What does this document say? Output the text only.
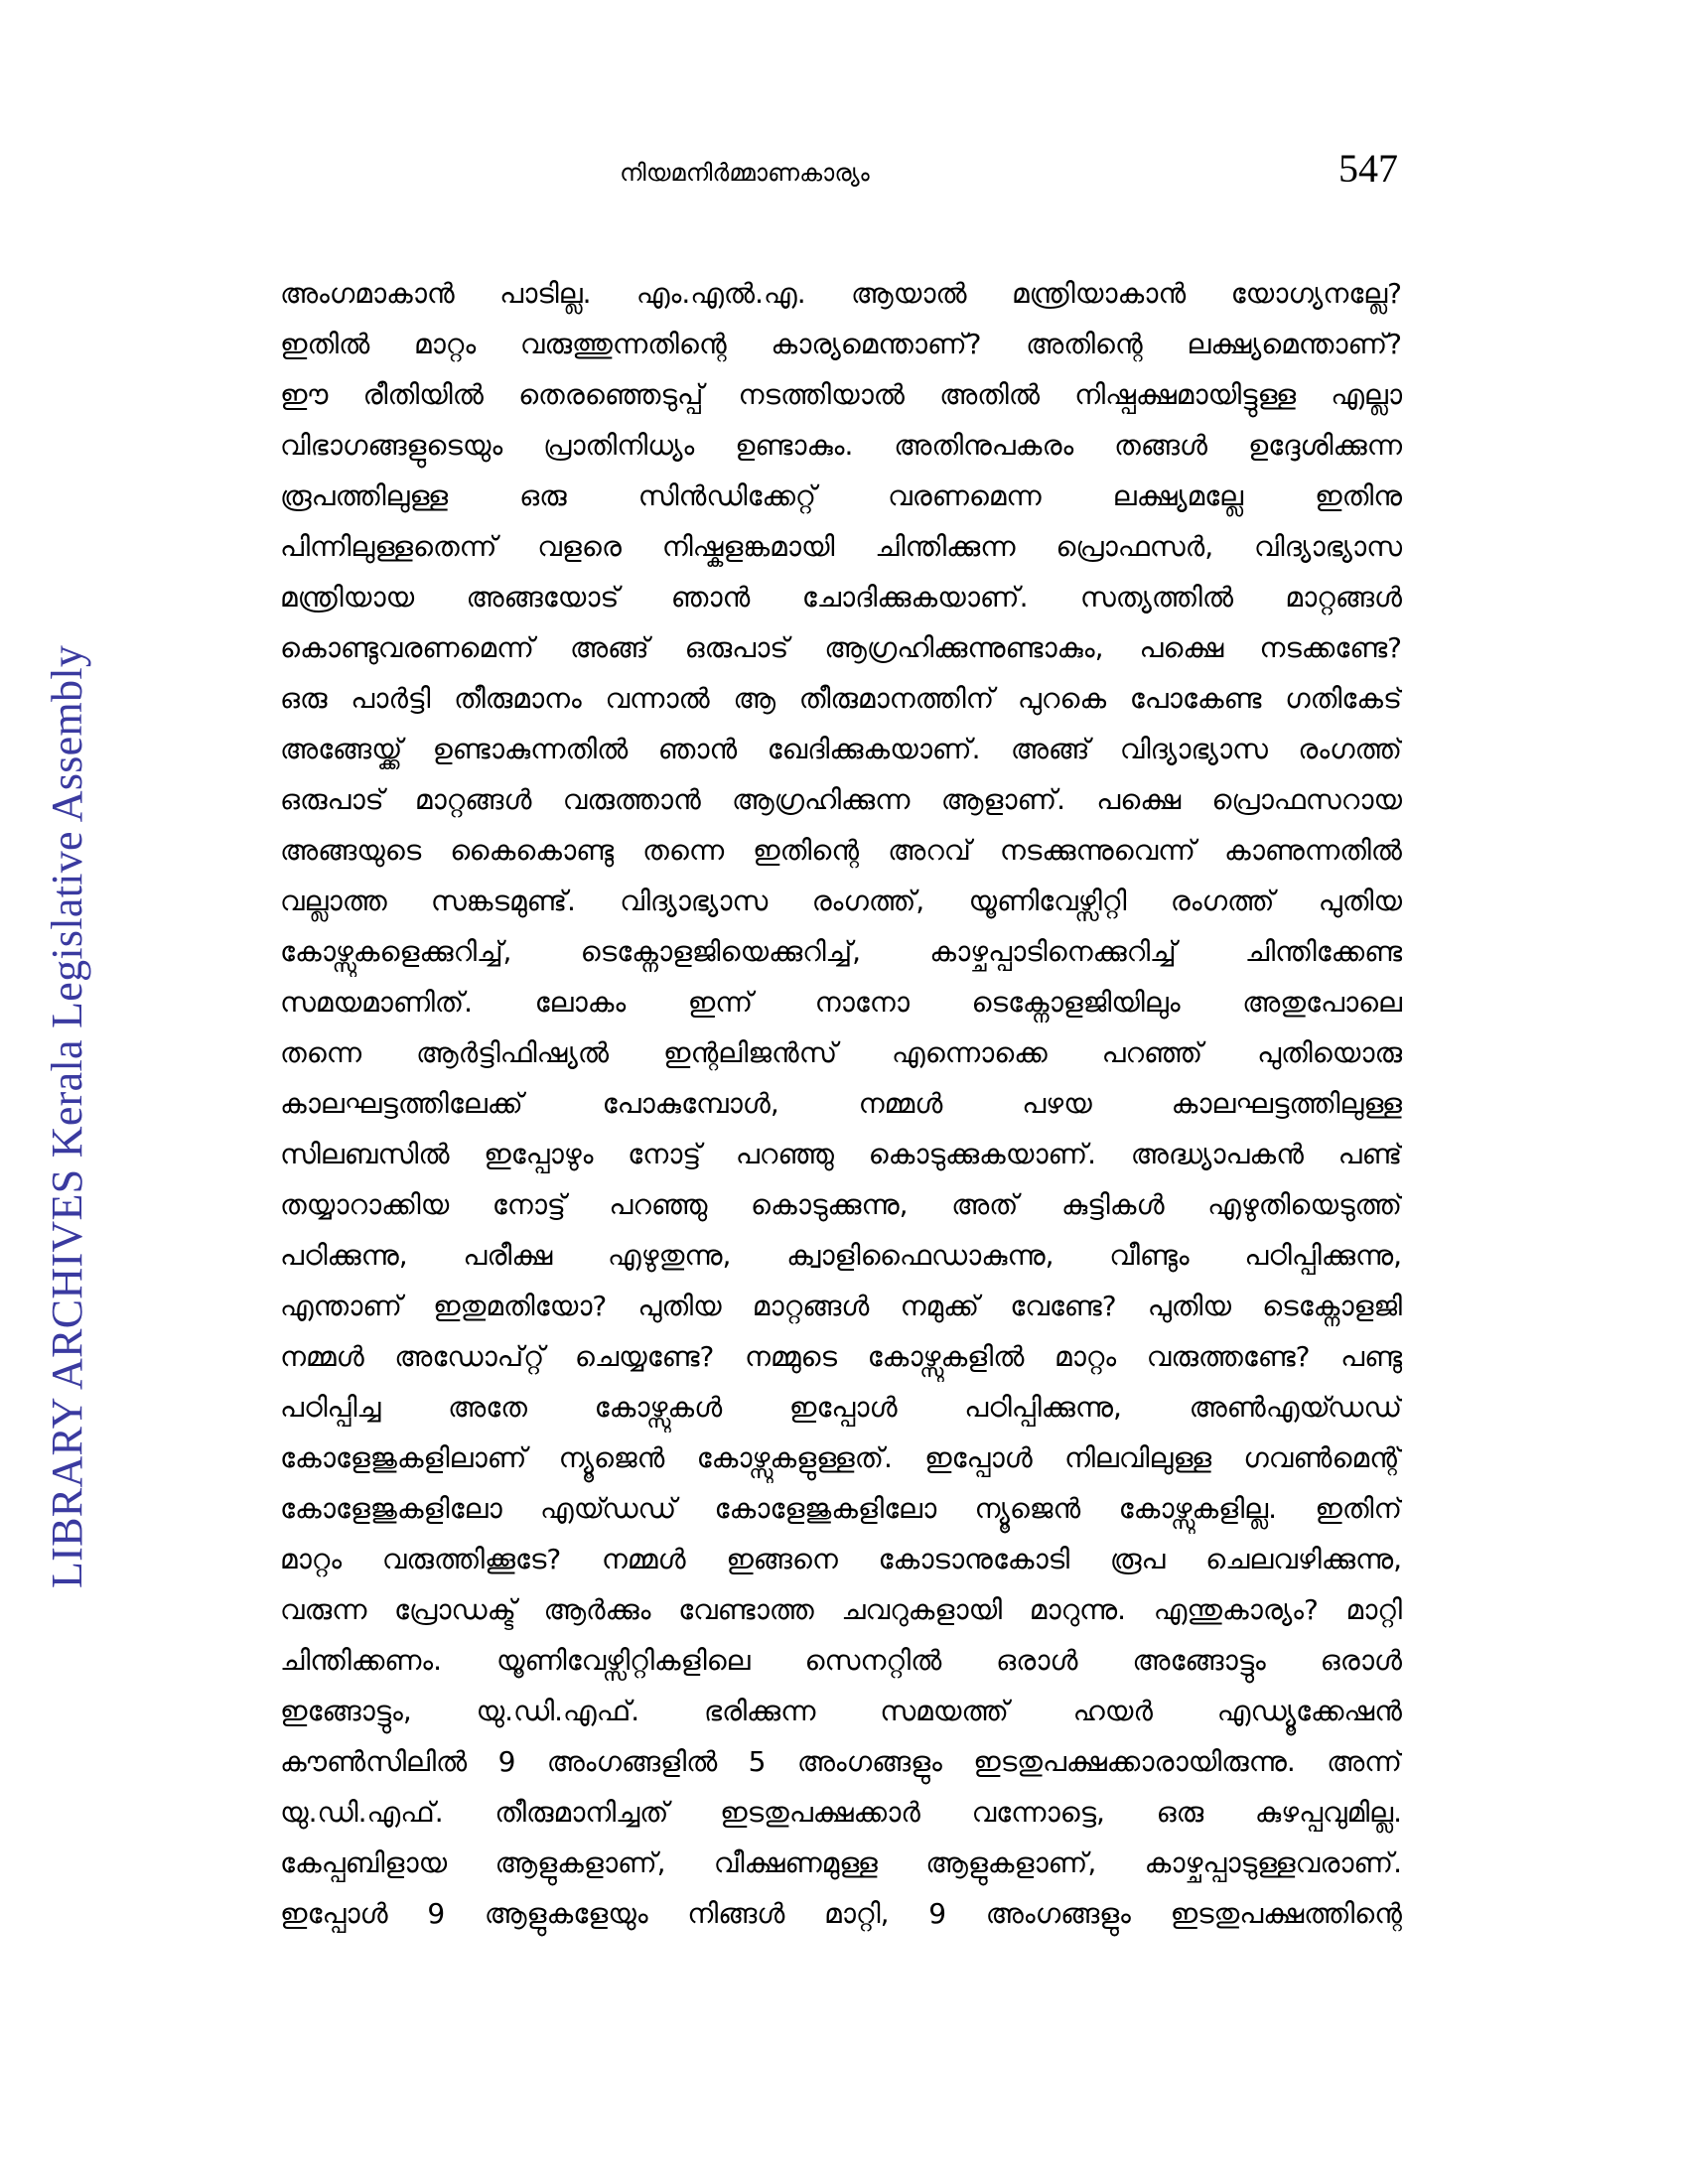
നിയമനിർമ്മാണകാര്യം	547
LIBRARY ARCHIVES Kerala Legislative Assembly
അംഗമാകാൻ പാടില്ല. എം.എൽ.എ. ആയാൽ മന്ത്രിയാകാൻ യോഗ്യനല്ലേ?
ഇതിൽ മാറ്റം വരുത്തുന്നതിന്റെ കാര്യമെന്താണ്? അതിന്റെ ലക്ഷ്യമെന്താണ്?
ഈ രീതിയിൽ തെരഞ്ഞെടുപ്പ് നടത്തിയാൽ അതിൽ നിഷ്പക്ഷമായിട്ടുള്ള എല്ലാ
വിഭാഗങ്ങളുടെയും പ്രാതിനിധ്യം ഉണ്ടാകും. അതിനുപകരം തങ്ങൾ ഉദ്ദേശിക്കുന്ന
രൂപത്തിലുള്ള ഒരു സിൻഡിക്കേറ്റ് വരണമെന്ന ലക്ഷ്യമല്ലേ ഇതിനു
പിന്നിലുള്ളതെന്ന് വളരെ നിഷ്കളങ്കമായി ചിന്തിക്കുന്ന പ്രൊഫസർ, വിദ്യാഭ്യാസ
മന്ത്രിയായ അങ്ങയോട് ഞാൻ ചോദിക്കുകയാണ്. സത്യത്തിൽ മാറ്റങ്ങൾ
കൊണ്ടുവരണമെന്ന് അങ്ങ് ഒരുപാട് ആഗ്രഹിക്കുന്നുണ്ടാകും, പക്ഷെ നടക്കണ്ടേ?
ഒരു പാർട്ടി തീരുമാനം വന്നാൽ ആ തീരുമാനത്തിന് പുറകെ പോകേണ്ട ഗതികേട്
അങ്ങേയ്ക്ക് ഉണ്ടാകുന്നതിൽ ഞാൻ ഖേദിക്കുകയാണ്. അങ്ങ് വിദ്യാഭ്യാസ രംഗത്ത്
ഒരുപാട് മാറ്റങ്ങൾ വരുത്താൻ ആഗ്രഹിക്കുന്ന ആളാണ്. പക്ഷെ പ്രൊഫസറായ
അങ്ങയുടെ കൈകൊണ്ടു തന്നെ ഇതിന്റെ അറവ് നടക്കുന്നുവെന്ന് കാണുന്നതിൽ
വല്ലാത്ത സങ്കടമുണ്ട്. വിദ്യാഭ്യാസ രംഗത്ത്, യൂണിവേഴ്സിറ്റി രംഗത്ത് പുതിയ
കോഴ്സുകളെക്കുറിച്ച്, ടെക്നോളജിയെക്കുറിച്ച്, കാഴ്ചപ്പാടിനെക്കുറിച്ച് ചിന്തിക്കേണ്ട
സമയമാണിത്. ലോകം ഇന്ന് നാനോ ടെക്നോളജിയിലും അതുപോലെ
തന്നെ ആർട്ടിഫിഷ്യൽ ഇന്റലിജൻസ് എന്നൊക്കെ പറഞ്ഞ് പുതിയൊരു
കാലഘട്ടത്തിലേക്ക് പോകുമ്പോൾ, നമ്മൾ പഴയ കാലഘട്ടത്തിലുള്ള
സിലബസിൽ ഇപ്പോഴും നോട്ട് പറഞ്ഞു കൊടുക്കുകയാണ്. അദ്ധ്യാപകൻ പണ്ട്
തയ്യാറാക്കിയ നോട്ട് പറഞ്ഞു കൊടുക്കുന്നു, അത് കുട്ടികൾ എഴുതിയെടുത്ത്
പഠിക്കുന്നു, പരീക്ഷ എഴുതുന്നു, ക്വാളിഫൈഡാകുന്നു, വീണ്ടും പഠിപ്പിക്കുന്നു,
എന്താണ് ഇതുമതിയോ? പുതിയ മാറ്റങ്ങൾ നമുക്ക് വേണ്ടേ? പുതിയ ടെക്നോളജി
നമ്മൾ അഡോപ്റ്റ് ചെയ്യണ്ടേ? നമ്മുടെ കോഴ്സുകളിൽ മാറ്റം വരുത്തണ്ടേ? പണ്ടു
പഠിപ്പിച്ച അതേ കോഴ്സുകൾ ഇപ്പോൾ പഠിപ്പിക്കുന്നു, അൺഎയ്ഡഡ്
കോളേജുകളിലാണ് ന്യൂജെൻ കോഴ്സുകളുള്ളത്. ഇപ്പോൾ നിലവിലുള്ള ഗവൺമെന്റ്
കോളേജുകളിലോ എയ്ഡഡ് കോളേജുകളിലോ ന്യൂജെൻ കോഴ്സുകളില്ല. ഇതിന്
മാറ്റം വരുത്തിക്കൂടേ? നമ്മൾ ഇങ്ങനെ കോടാനുകോടി രൂപ ചെലവഴിക്കുന്നു,
വരുന്ന പ്രോഡക്ട് ആർക്കും വേണ്ടാത്ത ചവറുകളായി മാറുന്നു. എന്തുകാര്യം? മാറ്റി
ചിന്തിക്കണം. യൂണിവേഴ്സിറ്റികളിലെ സെനറ്റിൽ ഒരാൾ അങ്ങോട്ടും ഒരാൾ
ഇങ്ങോട്ടും, യു.ഡി.എഫ്. ഭരിക്കുന്ന സമയത്ത് ഹയർ എഡ്യൂക്കേഷൻ
കൗൺസിലിൽ 9 അംഗങ്ങളിൽ 5 അംഗങ്ങളും ഇടതുപക്ഷക്കാരായിരുന്നു. അന്ന്
യു.ഡി.എഫ്. തീരുമാനിച്ചത് ഇടതുപക്ഷക്കാർ വന്നോട്ടെ, ഒരു കുഴപ്പവുമില്ല.
കേപ്പബിളായ ആളുകളാണ്, വീക്ഷണമുള്ള ആളുകളാണ്, കാഴ്ചപ്പാടുള്ളവരാണ്.
ഇപ്പോൾ 9 ആളുകളേയും നിങ്ങൾ മാറ്റി, 9 അംഗങ്ങളും ഇടതുപക്ഷത്തിന്റെ
